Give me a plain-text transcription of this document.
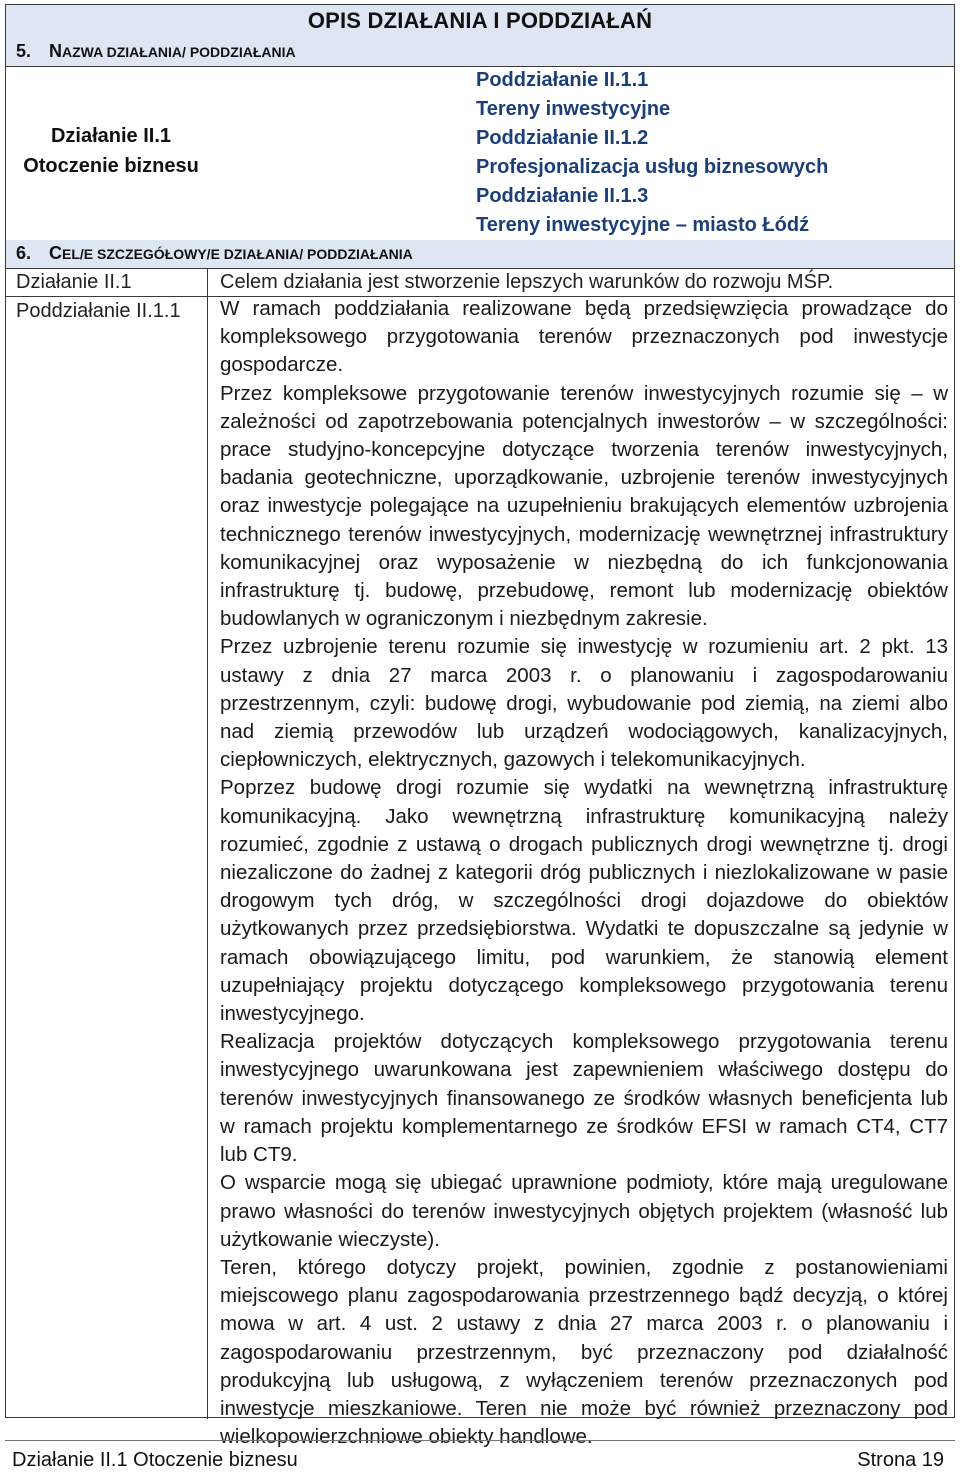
OPIS DZIAŁANIA I PODDZIAŁAŃ
5. NAZWA DZIAŁANIA/ PODDZIAŁANIA
Działanie II.1
Otoczenie biznesu
Poddziałanie II.1.1
Tereny inwestycyjne
Poddziałanie II.1.2
Profesjonalizacja usług biznesowych
Poddziałanie II.1.3
Tereny inwestycyjne – miasto Łódź
6. CEL/E SZCZEGÓŁOWY/E DZIAŁANIA/ PODDZIAŁANIA
Działanie II.1	Celem działania jest stworzenie lepszych warunków do rozwoju MŚP.
Poddziałanie II.1.1 W ramach poddziałania realizowane będą przedsięwzięcia prowadzące do kompleksowego przygotowania terenów przeznaczonych pod inwestycje gospodarcze.

Przez kompleksowe przygotowanie terenów inwestycyjnych rozumie się – w zależności od zapotrzebowania potencjalnych inwestorów – w szczególności: prace studyjno-koncepcyjne dotyczące tworzenia terenów inwestycyjnych, badania geotechniczne, uporządkowanie, uzbrojenie terenów inwestycyjnych oraz inwestycje polegające na uzupełnieniu brakujących elementów uzbrojenia technicznego terenów inwestycyjnych, modernizację wewnętrznej infrastruktury komunikacyjnej oraz wyposażenie w niezbędną do ich funkcjonowania infrastrukturę tj. budowę, przebudowę, remont lub modernizację obiektów budowlanych w ograniczonym i niezbędnym zakresie.

Przez uzbrojenie terenu rozumie się inwestycję w rozumieniu art. 2 pkt. 13 ustawy z dnia 27 marca 2003 r. o planowaniu i zagospodarowaniu przestrzennym, czyli: budowę drogi, wybudowanie pod ziemią, na ziemi albo nad ziemią przewodów lub urządzeń wodociągowych, kanalizacyjnych, ciepłowniczych, elektrycznych, gazowych i telekomunikacyjnych.

Poprzez budowę drogi rozumie się wydatki na wewnętrzną infrastrukturę komunikacyjną. Jako wewnętrzną infrastrukturę komunikacyjną należy rozumieć, zgodnie z ustawą o drogach publicznych drogi wewnętrzne tj. drogi niezaliczone do żadnej z kategorii dróg publicznych i niezlokalizowane w pasie drogowym tych dróg, w szczególności drogi dojazdowe do obiektów użytkowanych przez przedsiębiorstwa. Wydatki te dopuszczalne są jedynie w ramach obowiązującego limitu, pod warunkiem, że stanowią element uzupełniający projektu dotyczącego kompleksowego przygotowania terenu inwestycyjnego.

Realizacja projektów dotyczących kompleksowego przygotowania terenu inwestycyjnego uwarunkowana jest zapewnieniem właściwego dostępu do terenów inwestycyjnych finansowanego ze środków własnych beneficjenta lub w ramach projektu komplementarnego ze środków EFSI w ramach CT4, CT7 lub CT9.

O wsparcie mogą się ubiegać uprawnione podmioty, które mają uregulowane prawo własności do terenów inwestycyjnych objętych projektem (własność lub użytkowanie wieczyste).

Teren, którego dotyczy projekt, powinien, zgodnie z postanowieniami miejscowego planu zagospodarowania przestrzennego bądź decyzją, o której mowa w art. 4 ust. 2 ustawy z dnia 27 marca 2003 r. o planowaniu i zagospodarowaniu przestrzennym, być przeznaczony pod działalność produkcyjną lub usługową, z wyłączeniem terenów przeznaczonych pod inwestycje mieszkaniowe. Teren nie może być również przeznaczony pod wielkopowierzchniowe obiekty handlowe.

Działanie II.1 Otoczenie biznesu	Strona 19
